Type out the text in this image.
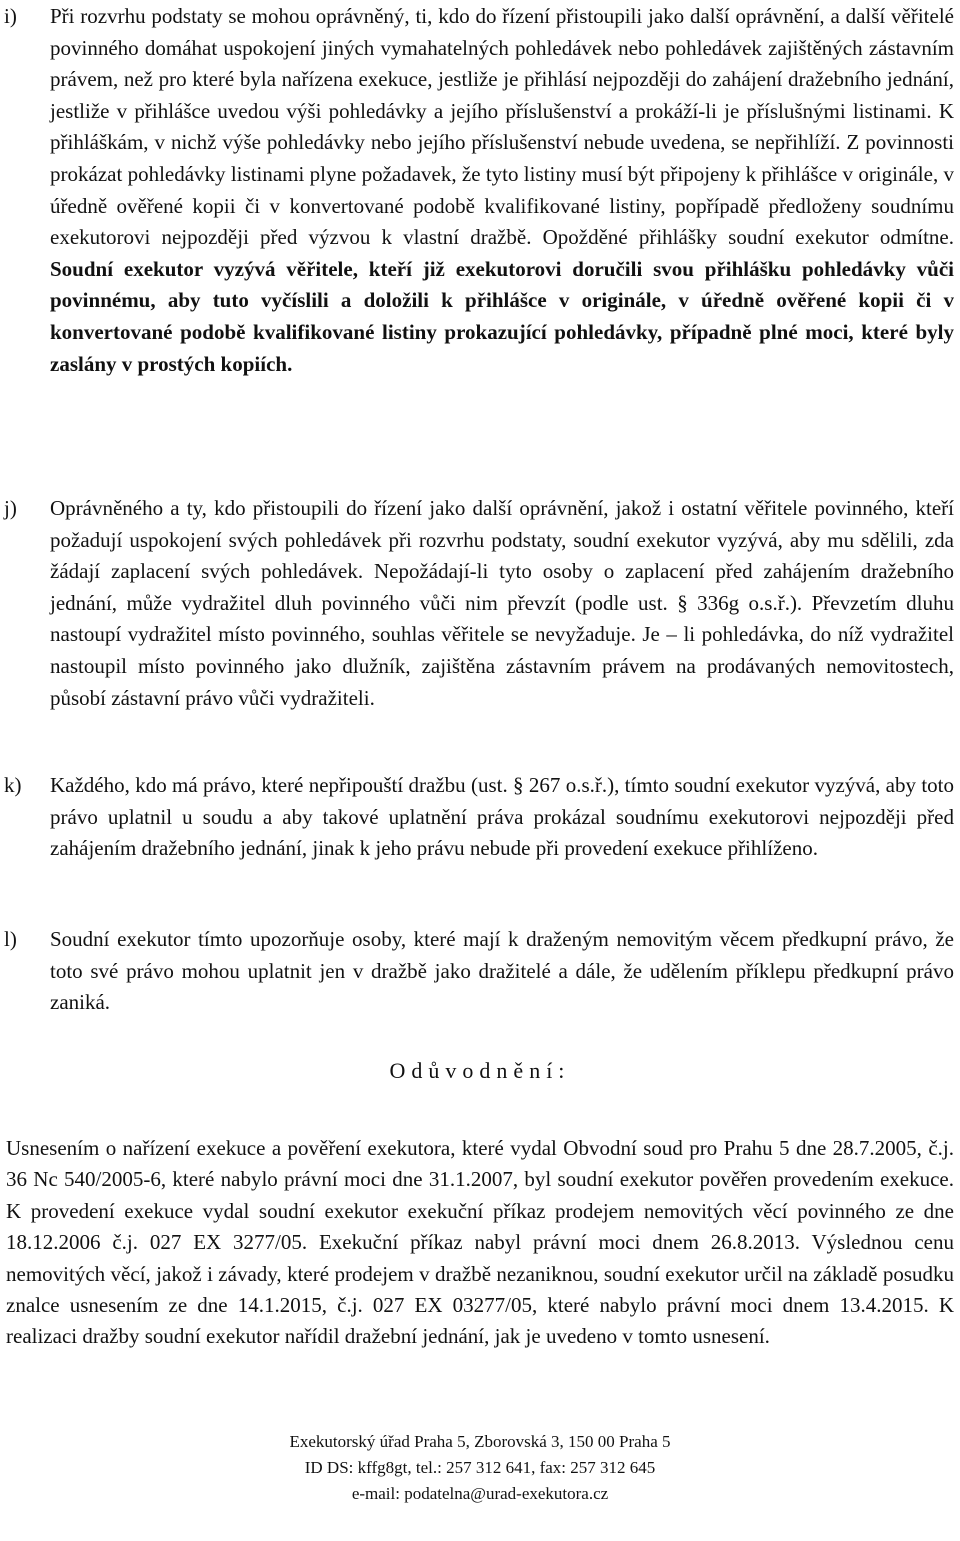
i) Při rozvrhu podstaty se mohou oprávněný, ti, kdo do řízení přistoupili jako další oprávnění, a další věřitelé povinného domáhat uspokojení jiných vymahatelných pohledávek nebo pohledávek zajištěných zástavním právem, než pro které byla nařízena exekuce, jestliže je přihlásí nejpozději do zahájení dražebního jednání, jestliže v přihlášce uvedou výši pohledávky a jejího příslušenství a prokáží-li je příslušnými listinami. K přihláškám, v nichž výše pohledávky nebo jejího příslušenství nebude uvedena, se nepřihlíží. Z povinnosti prokázat pohledávky listinami plyne požadavek, že tyto listiny musí být připojeny k přihlášce v originále, v úředně ověřené kopii či v konvertované podobě kvalifikované listiny, popřípadě předloženy soudnímu exekutorovi nejpozději před výzvou k vlastní dražbě. Opožděné přihlášky soudní exekutor odmítne. Soudní exekutor vyzývá věřitele, kteří již exekutorovi doručili svou přihlášku pohledávky vůči povinnému, aby tuto vyčíslili a doložili k přihlášce v originále, v úředně ověřené kopii či v konvertované podobě kvalifikované listiny prokazující pohledávky, případně plné moci, které byly zaslány v prostých kopiích.
j) Oprávněného a ty, kdo přistoupili do řízení jako další oprávnění, jakož i ostatní věřitele povinného, kteří požadují uspokojení svých pohledávek při rozvrhu podstaty, soudní exekutor vyzývá, aby mu sdělili, zda žádají zaplacení svých pohledávek. Nepožádají-li tyto osoby o zaplacení před zahájením dražebního jednání, může vydražitel dluh povinného vůči nim převzít (podle ust. § 336g o.s.ř.). Převzetím dluhu nastoupí vydražitel místo povinného, souhlas věřitele se nevyžaduje. Je – li pohledávka, do níž vydražitel nastoupil místo povinného jako dlužník, zajištěna zástavním právem na prodávaných nemovitostech, působí zástavní právo vůči vydražiteli.
k) Každého, kdo má právo, které nepřipouští dražbu (ust. § 267 o.s.ř.), tímto soudní exekutor vyzývá, aby toto právo uplatnil u soudu a aby takové uplatnění práva prokázal soudnímu exekutorovi nejpozději před zahájením dražebního jednání, jinak k jeho právu nebude při provedení exekuce přihlíženo.
l) Soudní exekutor tímto upozorňuje osoby, které mají k draženým nemovitým věcem předkupní právo, že toto své právo mohou uplatnit jen v dražbě jako dražitelé a dále, že udělením příklepu předkupní právo zaniká.
Odůvodnění:
Usnesením o nařízení exekuce a pověření exekutora, které vydal Obvodní soud pro Prahu 5 dne 28.7.2005, č.j. 36 Nc 540/2005-6, které nabylo právní moci dne 31.1.2007, byl soudní exekutor pověřen provedením exekuce. K provedení exekuce vydal soudní exekutor exekuční příkaz prodejem nemovitých věcí povinného ze dne 18.12.2006 č.j. 027 EX 3277/05. Exekuční příkaz nabyl právní moci dnem 26.8.2013. Výslednou cenu nemovitých věcí, jakož i závady, které prodejem v dražbě nezaniknou, soudní exekutor určil na základě posudku znalce usnesením ze dne 14.1.2015, č.j. 027 EX 03277/05, které nabylo právní moci dnem 13.4.2015. K realizaci dražby soudní exekutor nařídil dražební jednání, jak je uvedeno v tomto usnesení.
Exekutorský úřad Praha 5, Zborovská 3, 150 00 Praha 5
ID DS: kffg8gt, tel.: 257 312 641, fax: 257 312 645
e-mail: podatelna@urad-exekutora.cz
